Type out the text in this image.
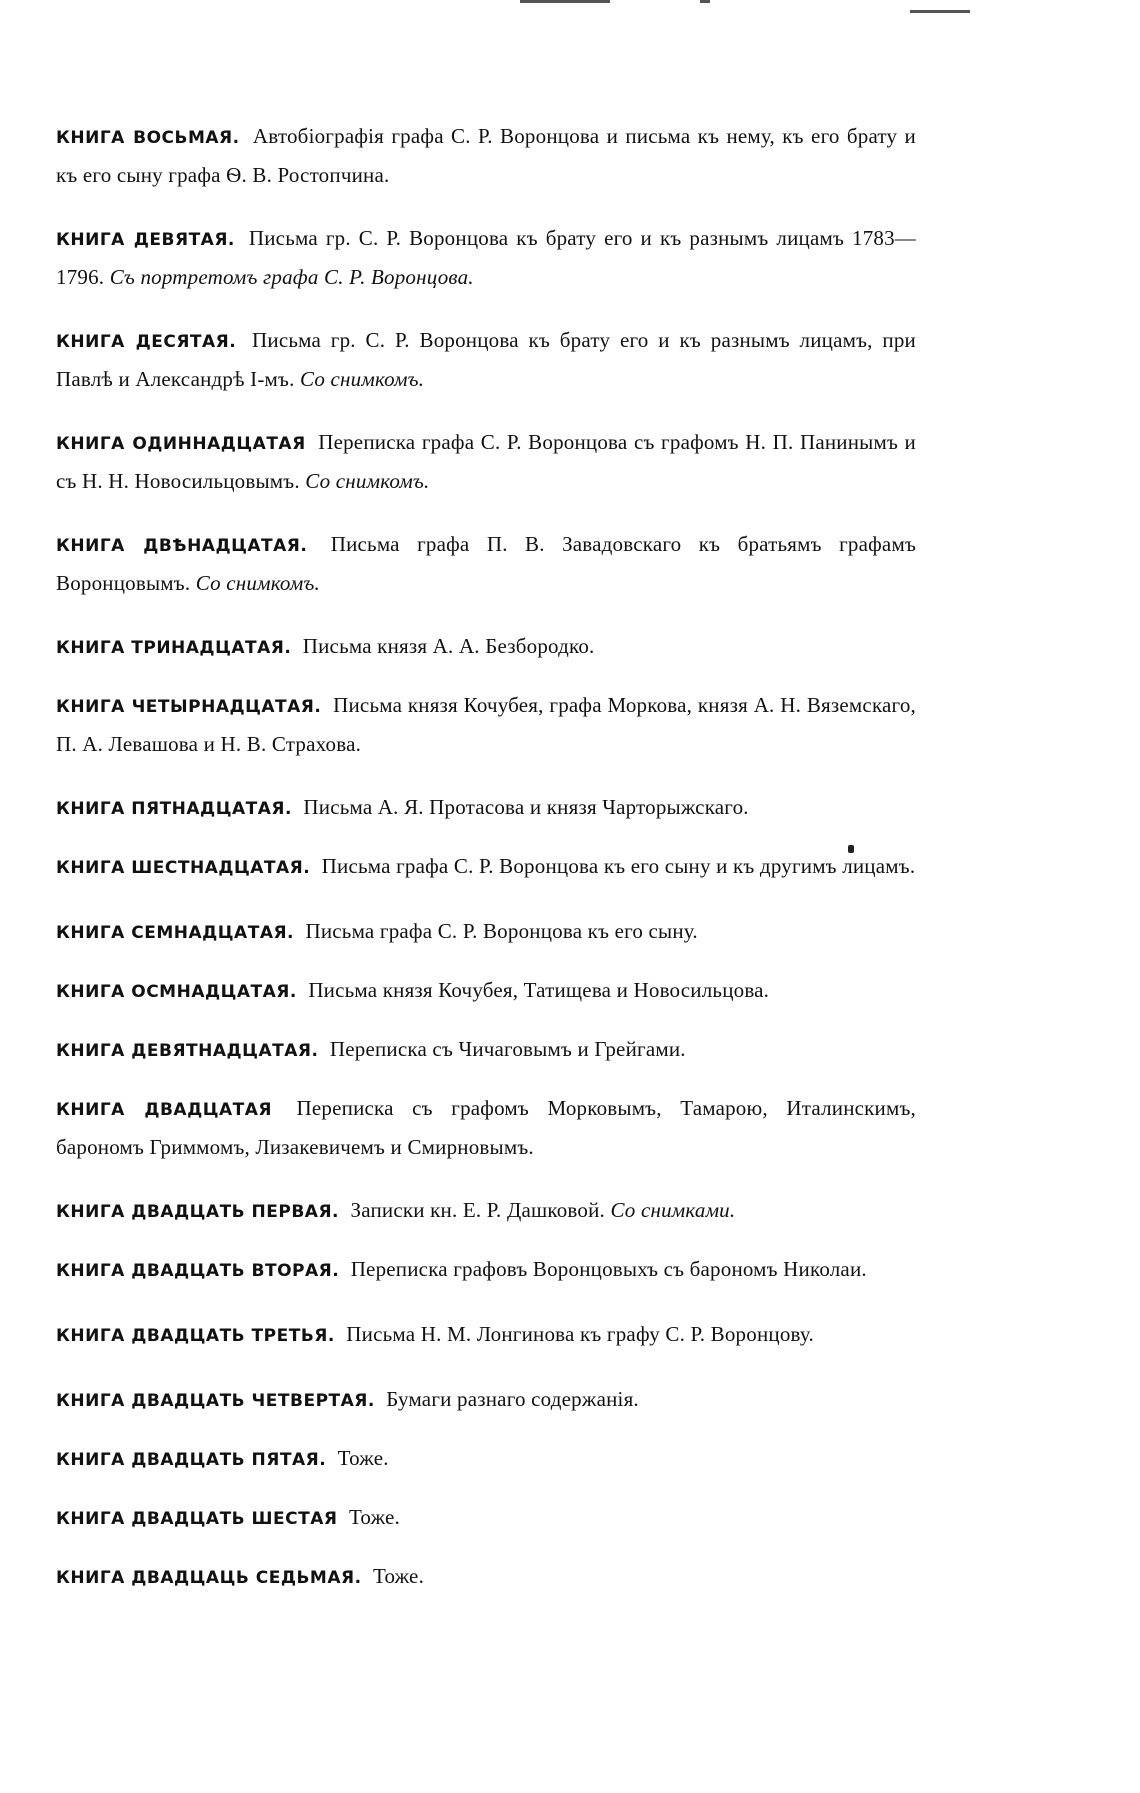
КНИГА ВОСЬМАЯ. Автобіографія графа С. Р. Воронцова и письма къ нему, къ его брату и къ его сыну графа Ѳ. В. Ростопчина.
КНИГА ДЕВЯТАЯ. Письма гр. С. Р. Воронцова къ брату его и къ разнымъ лицамъ 1783—1796. Съ портретомъ графа С. Р. Воронцова.
КНИГА ДЕСЯТАЯ. Письма гр. С. Р. Воронцова къ брату его и къ разнымъ лицамъ, при Павлѣ и Александрѣ I-мъ. Со снимкомъ.
КНИГА ОДИННАДЦАТАЯ Переписка графа С. Р. Воронцова съ графомъ Н. П. Панинымъ и съ Н. Н. Новосильцовымъ. Со снимкомъ.
КНИГА ДВѢНАДЦАТАЯ. Письма графа П. В. Завадовскаго къ братьямъ графамъ Воронцовымъ. Со снимкомъ.
КНИГА ТРИНАДЦАТАЯ. Письма князя А. А. Безбородко.
КНИГА ЧЕТЫРНАДЦАТАЯ. Письма князя Кочубея, графа Моркова, князя А. Н. Вяземскаго, П. А. Левашова и Н. В. Страхова.
КНИГА ПЯТНАДЦАТАЯ. Письма А. Я. Протасова и князя Чарторыжскаго.
КНИГА ШЕСТНАДЦАТАЯ. Письма графа С. Р. Воронцова къ его сыну и къ другимъ лицамъ.
КНИГА СЕМНАДЦАТАЯ. Письма графа С. Р. Воронцова къ его сыну.
КНИГА ОСМНАДЦАТАЯ. Письма князя Кочубея, Татищева и Новосильцова.
КНИГА ДЕВЯТНАДЦАТАЯ. Переписка съ Чичаговымъ и Грейгами.
КНИГА ДВАДЦАТАЯ Переписка съ графомъ Морковымъ, Тамарою, Италинскимъ, барономъ Гриммомъ, Лизакевичемъ и Смирновымъ.
КНИГА ДВАДЦАТЬ ПЕРВАЯ. Записки кн. Е. Р. Дашковой. Со снимками.
КНИГА ДВАДЦАТЬ ВТОРАЯ. Переписка графовъ Воронцовыхъ съ барономъ Николаи.
КНИГА ДВАДЦАТЬ ТРЕТЬЯ. Письма Н. М. Лонгинова къ графу С. Р. Воронцову.
КНИГА ДВАДЦАТЬ ЧЕТВЕРТАЯ. Бумаги разнаго содержанія.
КНИГА ДВАДЦАТЬ ПЯТАЯ. Тоже.
КНИГА ДВАДЦАТЬ ШЕСТАЯ Тоже.
КНИГА ДВАДЦАЦЬ СЕДЬМАЯ. Тоже.
